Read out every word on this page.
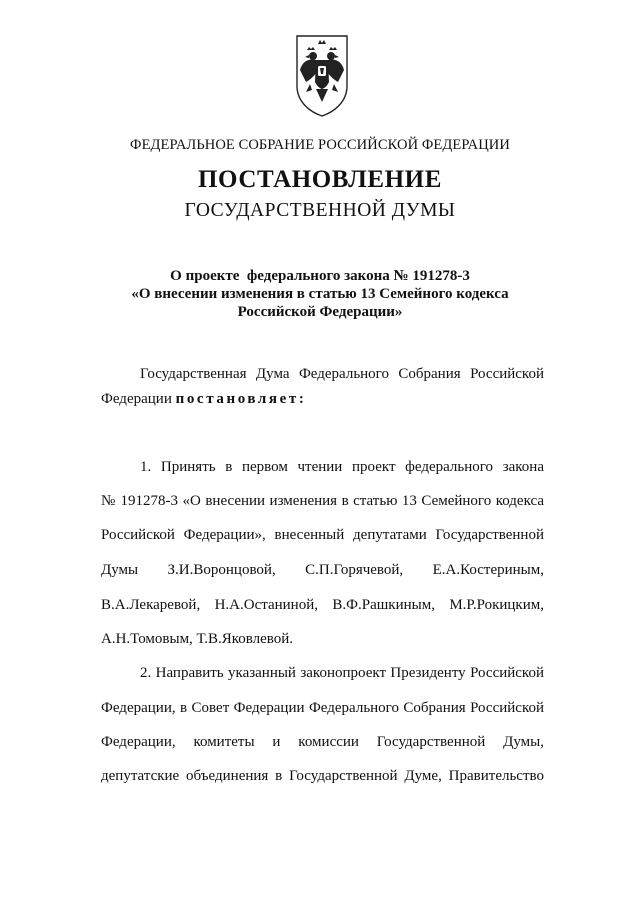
ФЕДЕРАЛЬНОЕ СОБРАНИЕ РОССИЙСКОЙ ФЕДЕРАЦИИ
ПОСТАНОВЛЕНИЕ
ГОСУДАРСТВЕННОЙ ДУМЫ
О проекте  федерального закона № 191278-3
«О внесении изменения в статью 13 Семейного кодекса
Российской Федерации»
Государственная Дума Федерального Собрания Российской
Федерации постановляет:
1. Принять в первом чтении проект федерального закона
№ 191278-3 «О внесении изменения в статью 13 Семейного кодекса
Российской Федерации», внесенный депутатами Государственной
Думы З.И.Воронцовой, С.П.Горячевой, Е.А.Костериным,
В.А.Лекаревой, Н.А.Останиной, В.Ф.Рашкиным, М.Р.Рокицким,
А.Н.Томовым, Т.В.Яковлевой.
2. Направить указанный законопроект Президенту Российской
Федерации, в Совет Федерации Федерального Собрания Российской
Федерации, комитеты и комиссии Государственной Думы,
депутатские объединения в Государственной Думе, Правительство
